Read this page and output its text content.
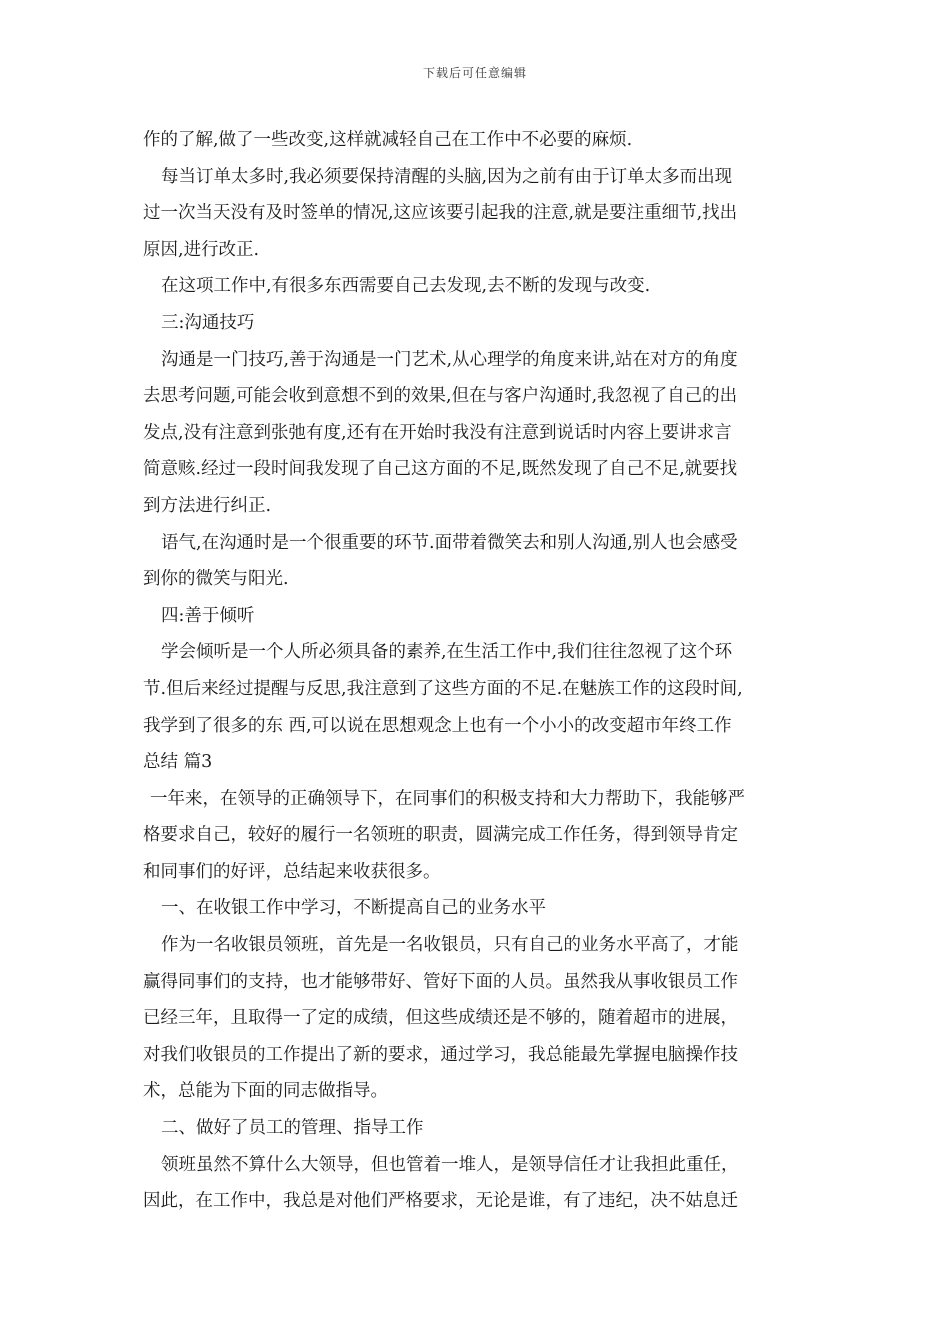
下载后可任意编辑
作的了解,做了一些改变,这样就减轻自己在工作中不必要的麻烦.
每当订单太多时,我必须要保持清醒的头脑,因为之前有由于订单太多而出现
过一次当天没有及时签单的情况,这应该要引起我的注意,就是要注重细节,找出
原因,进行改正.
在这项工作中,有很多东西需要自己去发现,去不断的发现与改变.
三:沟通技巧
沟通是一门技巧,善于沟通是一门艺术,从心理学的角度来讲,站在对方的角度
去思考问题,可能会收到意想不到的效果,但在与客户沟通时,我忽视了自己的出
发点,没有注意到张弛有度,还有在开始时我没有注意到说话时内容上要讲求言
简意赅.经过一段时间我发现了自己这方面的不足,既然发现了自己不足,就要找
到方法进行纠正.
语气,在沟通时是一个很重要的环节.面带着微笑去和别人沟通,别人也会感受
到你的微笑与阳光.
四:善于倾听
学会倾听是一个人所必须具备的素养,在生活工作中,我们往往忽视了这个环
节.但后来经过提醒与反思,我注意到了这些方面的不足.在魅族工作的这段时间,
我学到了很多的东 西,可以说在思想观念上也有一个小小的改变超市年终工作
总结 篇3
一年来，在领导的正确领导下，在同事们的积极支持和大力帮助下，我能够严
格要求自己，较好的履行一名领班的职责，圆满完成工作任务，得到领导肯定
和同事们的好评，总结起来收获很多。
一、在收银工作中学习，不断提高自己的业务水平
作为一名收银员领班，首先是一名收银员，只有自己的业务水平高了，才能
赢得同事们的支持，也才能够带好、管好下面的人员。虽然我从事收银员工作
已经三年，且取得一了定的成绩，但这些成绩还是不够的，随着超市的进展，
对我们收银员的工作提出了新的要求，通过学习，我总能最先掌握电脑操作技
术，总能为下面的同志做指导。
二、做好了员工的管理、指导工作
领班虽然不算什么大领导，但也管着一堆人，是领导信任才让我担此重任，
因此，在工作中，我总是对他们严格要求，无论是谁，有了违纪，决不姑息迁
